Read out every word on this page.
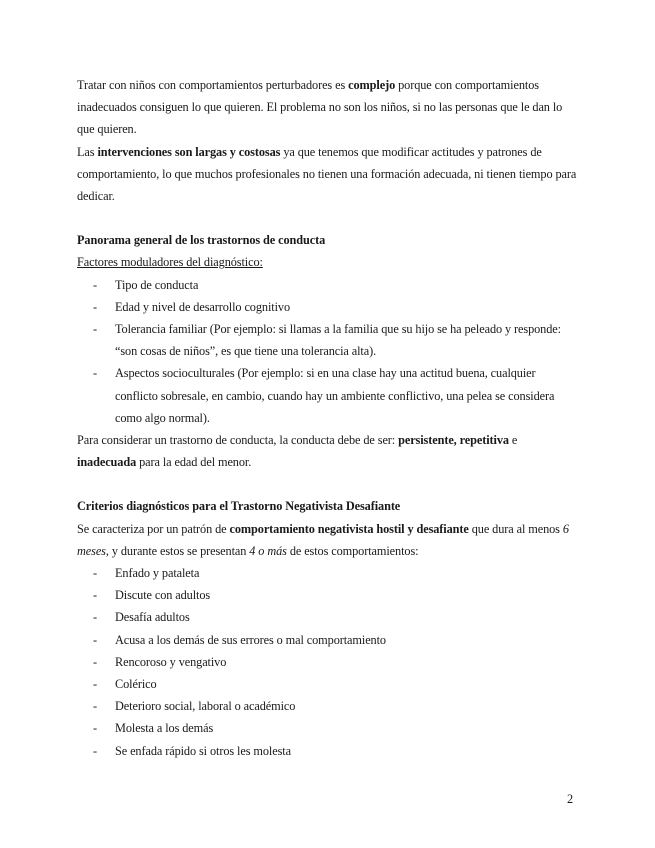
Tratar con niños con comportamientos perturbadores es complejo porque con comportamientos inadecuados consiguen lo que quieren. El problema no son los niños, si no las personas que le dan lo que quieren.

Las intervenciones son largas y costosas ya que tenemos que modificar actitudes y patrones de comportamiento, lo que muchos profesionales no tienen una formación adecuada, ni tienen tiempo para dedicar.

Panorama general de los trastornos de conducta

Factores moduladores del diagnóstico:

- Tipo de conducta
- Edad y nivel de desarrollo cognitivo
- Tolerancia familiar (Por ejemplo: si llamas a la familia que su hijo se ha peleado y responde: “son cosas de niños”, es que tiene una tolerancia alta).
- Aspectos socioculturales (Por ejemplo: si en una clase hay una actitud buena, cualquier conflicto sobresale, en cambio, cuando hay un ambiente conflictivo, una pelea se considera como algo normal).

Para considerar un trastorno de conducta, la conducta debe de ser: persistente, repetitiva e inadecuada para la edad del menor.

Criterios diagnósticos para el Trastorno Negativista Desafiante

Se caracteriza por un patrón de comportamiento negativista hostil y desafiante que dura al menos 6 meses, y durante estos se presentan 4 o más de estos comportamientos:

- Enfado y pataleta
- Discute con adultos
- Desafía adultos
- Acusa a los demás de sus errores o mal comportamiento
- Rencoroso y vengativo
- Colérico
- Deterioro social, laboral o académico
- Molesta a los demás
- Se enfada rápido si otros les molesta
2
